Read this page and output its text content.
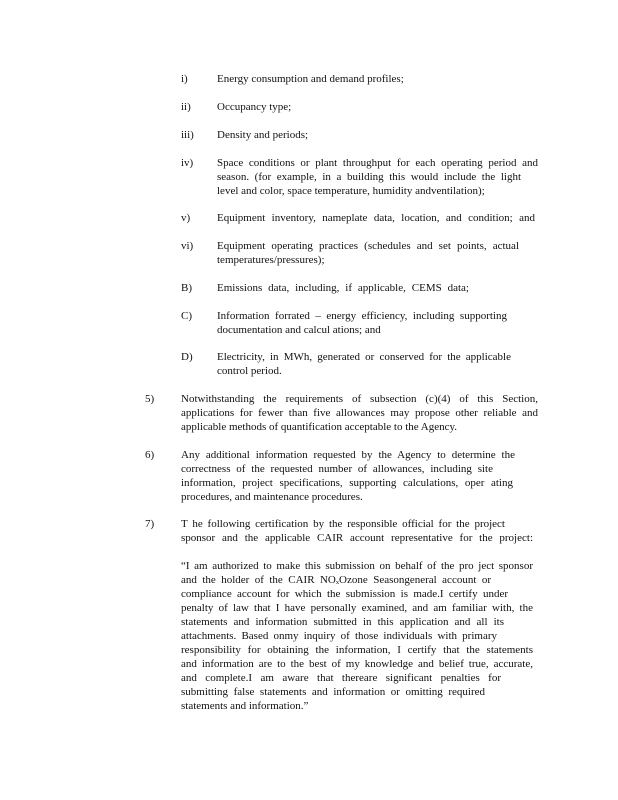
i)	Energy consumption and demand profiles;
ii) Occupancy type;
iii) Density and periods;
iv) Space conditions or plant throughput for each operating period and
season. (for example, in a building this would include the light
level and color, space temperature, humidity andventilation);
v) Equipment inventory, nameplate data, location, and condition; and
vi) Equipment operating practices (schedules and set points, actual
temperatures/pressures);
B) Emissions data, including, if applicable, CEMS data;
C) Information forrated – energy efficiency, including supporting
documentation and calcul ations; and
D) Electricity, in MWh, generated or conserved for the applicable
control period.
5) Notwithstanding the requirements of subsection (c)(4) of this Section,
applications for fewer than five allowances may propose other reliable and
applicable methods of quantification acceptable to the Agency.
6) Any additional information requested by the Agency to determine the
correctness of the requested number of allowances, including site
information, project specifications, supporting calculations, oper ating
procedures, and maintenance procedures.
7) T he following certification by the responsible official for the project
sponsor and the applicable CAIR account representative for the project:
“I am authorized to make this submission on behalf of the pro ject sponsor
and the holder of the CAIR NOₓOzone Seasongeneral account or
compliance account for which the submission is made.I certify under
penalty of law that I have personally examined, and am familiar with, the
statements and information submitted in this application and all its
attachments. Based onmy inquiry of those individuals with primary
responsibility for obtaining the information, I certify that the statements
and information are to the best of my knowledge and belief true, accurate,
and complete.I am aware that thereare significant penalties for
submitting false statements and information or omitting required
statements and information.”
